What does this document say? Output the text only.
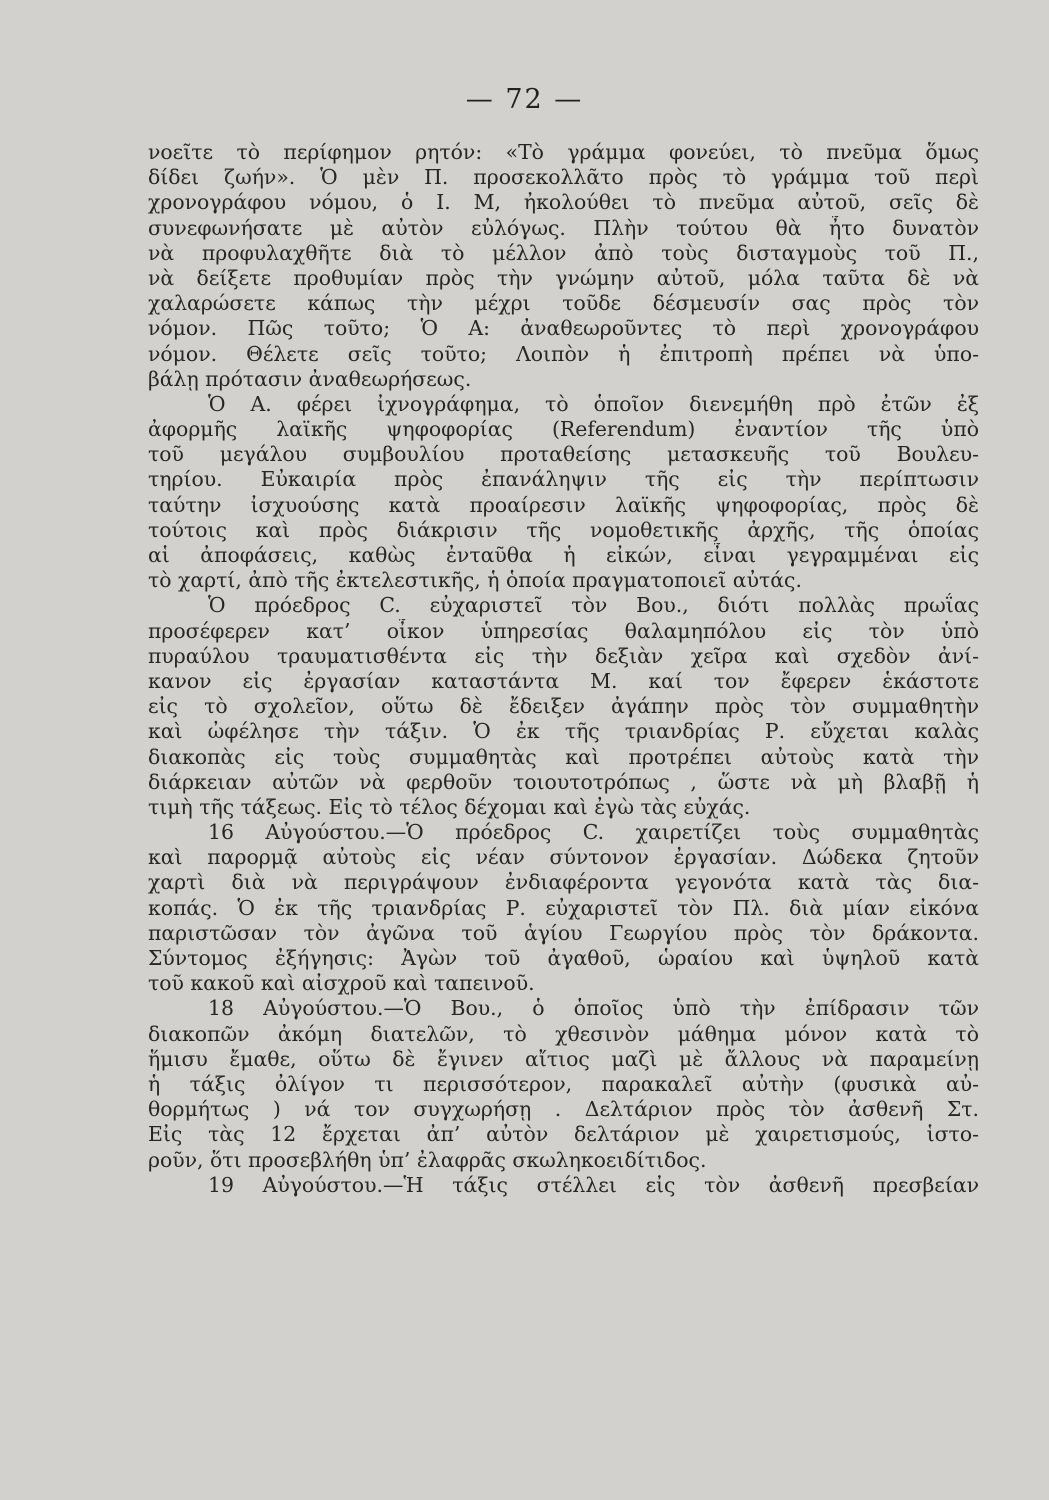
— 72 —
νοεῖτε τὸ περίφημον ρητόν: «Τὸ γράμμα φονεύει, τὸ πνεῦμα ὅμως
δίδει ζωήν». Ὁ μὲν Π. προσεκολλᾶτο πρὸς τὸ γράμμα τοῦ περὶ
χρονογράφου νόμου, ὁ Ι. Μ, ἠκολούθει τὸ πνεῦμα αὐτοῦ, σεῖς δὲ
συνεφωνήσατε μὲ αὐτὸν εὐλόγως. Πλὴν τούτου θὰ ἦτο δυνατὸν
νὰ προφυλαχθῆτε διὰ τὸ μέλλον ἀπὸ τοὺς δισταγμοὺς τοῦ Π.,
νὰ δείξετε προθυμίαν πρὸς τὴν γνώμην αὐτοῦ, μόλα ταῦτα δὲ νὰ
χαλαρώσετε κάπως τὴν μέχρι τοῦδε δέσμευσίν σας πρὸς τὸν
νόμον. Πῶς τοῦτο; Ὁ Α: ἀναθεωροῦντες τὸ περὶ χρονογράφου
νόμον. Θέλετε σεῖς τοῦτο; Λοιπὸν ἡ ἐπιτροπὴ πρέπει νὰ ὑπο-
βάλῃ πρότασιν ἀναθεωρήσεως.
Ὁ Α. φέρει ἰχνογράφημα, τὸ ὁποῖον διενεμήθη πρὸ ἐτῶν ἐξ
ἀφορμῆς λαϊκῆς ψηφοφορίας (Referendum) ἐναντίον τῆς ὑπὸ
τοῦ μεγάλου συμβουλίου προταθείσης μετασκευῆς τοῦ Βουλευ-
τηρίου. Εὐκαιρία πρὸς ἐπανάληψιν τῆς εἰς τὴν περίπτωσιν
ταύτην ἰσχυούσης κατὰ προαίρεσιν λαϊκῆς ψηφοφορίας, πρὸς δὲ
τούτοις καὶ πρὸς διάκρισιν τῆς νομοθετικῆς ἀρχῆς, τῆς ὁποίας
αἱ ἀποφάσεις, καθὼς ἐνταῦθα ἡ εἰκών, εἶναι γεγραμμέναι εἰς
τὸ χαρτί, ἀπὸ τῆς ἐκτελεστικῆς, ἡ ὁποία πραγματοποιεῖ αὐτάς.
Ὁ πρόεδρος C. εὐχαριστεῖ τὸν Βου., διότι πολλὰς πρωΐας
προσέφερεν κατ’ οἶκον ὑπηρεσίας θαλαμηπόλου εἰς τὸν ὑπὸ
πυραύλου τραυματισθέντα εἰς τὴν δεξιὰν χεῖρα καὶ σχεδὸν ἀνί-
κανον εἰς ἐργασίαν καταστάντα Μ. καί τον ἔφερεν ἑκάστοτε
εἰς τὸ σχολεῖον, οὕτω δὲ ἔδειξεν ἀγάπην πρὸς τὸν συμμαθητὴν
καὶ ὠφέλησε τὴν τάξιν. Ὁ ἐκ τῆς τριανδρίας Ρ. εὔχεται καλὰς
διακοπὰς εἰς τοὺς συμμαθητὰς καὶ προτρέπει αὐτοὺς κατὰ τὴν
διάρκειαν αὐτῶν νὰ φερθοῦν τοιουτοτρόπως , ὥστε νὰ μὴ βλαβῇ ἡ
τιμὴ τῆς τάξεως. Εἰς τὸ τέλος δέχομαι καὶ ἐγὼ τὰς εὐχάς.
16 Αὐγούστου.—Ὁ πρόεδρος C. χαιρετίζει τοὺς συμμαθητὰς
καὶ παρορμᾷ αὐτοὺς εἰς νέαν σύντονον ἐργασίαν. Δώδεκα ζητοῦν
χαρτὶ διὰ νὰ περιγράψουν ἐνδιαφέροντα γεγονότα κατὰ τὰς δια-
κοπάς. Ὁ ἐκ τῆς τριανδρίας Ρ. εὐχαριστεῖ τὸν Πλ. διὰ μίαν εἰκόνα
παριστῶσαν τὸν ἀγῶνα τοῦ ἁγίου Γεωργίου πρὸς τὸν δράκοντα.
Σύντομος ἐξήγησις: Ἀγὼν τοῦ ἀγαθοῦ, ὡραίου καὶ ὑψηλοῦ κατὰ
τοῦ κακοῦ καὶ αἰσχροῦ καὶ ταπεινοῦ.
18 Αὐγούστου.—Ὁ Βου., ὁ ὁποῖος ὑπὸ τὴν ἐπίδρασιν τῶν
διακοπῶν ἀκόμη διατελῶν, τὸ χθεσινὸν μάθημα μόνον κατὰ τὸ
ἥμισυ ἔμαθε, οὕτω δὲ ἔγινεν αἴτιος μαζὶ μὲ ἄλλους νὰ παραμείνῃ
ἡ τάξις ὀλίγον τι περισσότερον, παρακαλεῖ αὐτὴν (φυσικὰ αὐ-
θορμήτως ) νά τον συγχωρήσῃ . Δελτάριον πρὸς τὸν ἀσθενῆ Στ.
Εἰς τὰς 12 ἔρχεται ἀπ’ αὐτὸν δελτάριον μὲ χαιρετισμούς, ἱστο-
ροῦν, ὅτι προσεβλήθη ὑπ’ ἐλαφρᾶς σκωληκοειδίτιδος.
19 Αὐγούστου.—Ἡ τάξις στέλλει εἰς τὸν ἀσθενῆ πρεσβείαν
